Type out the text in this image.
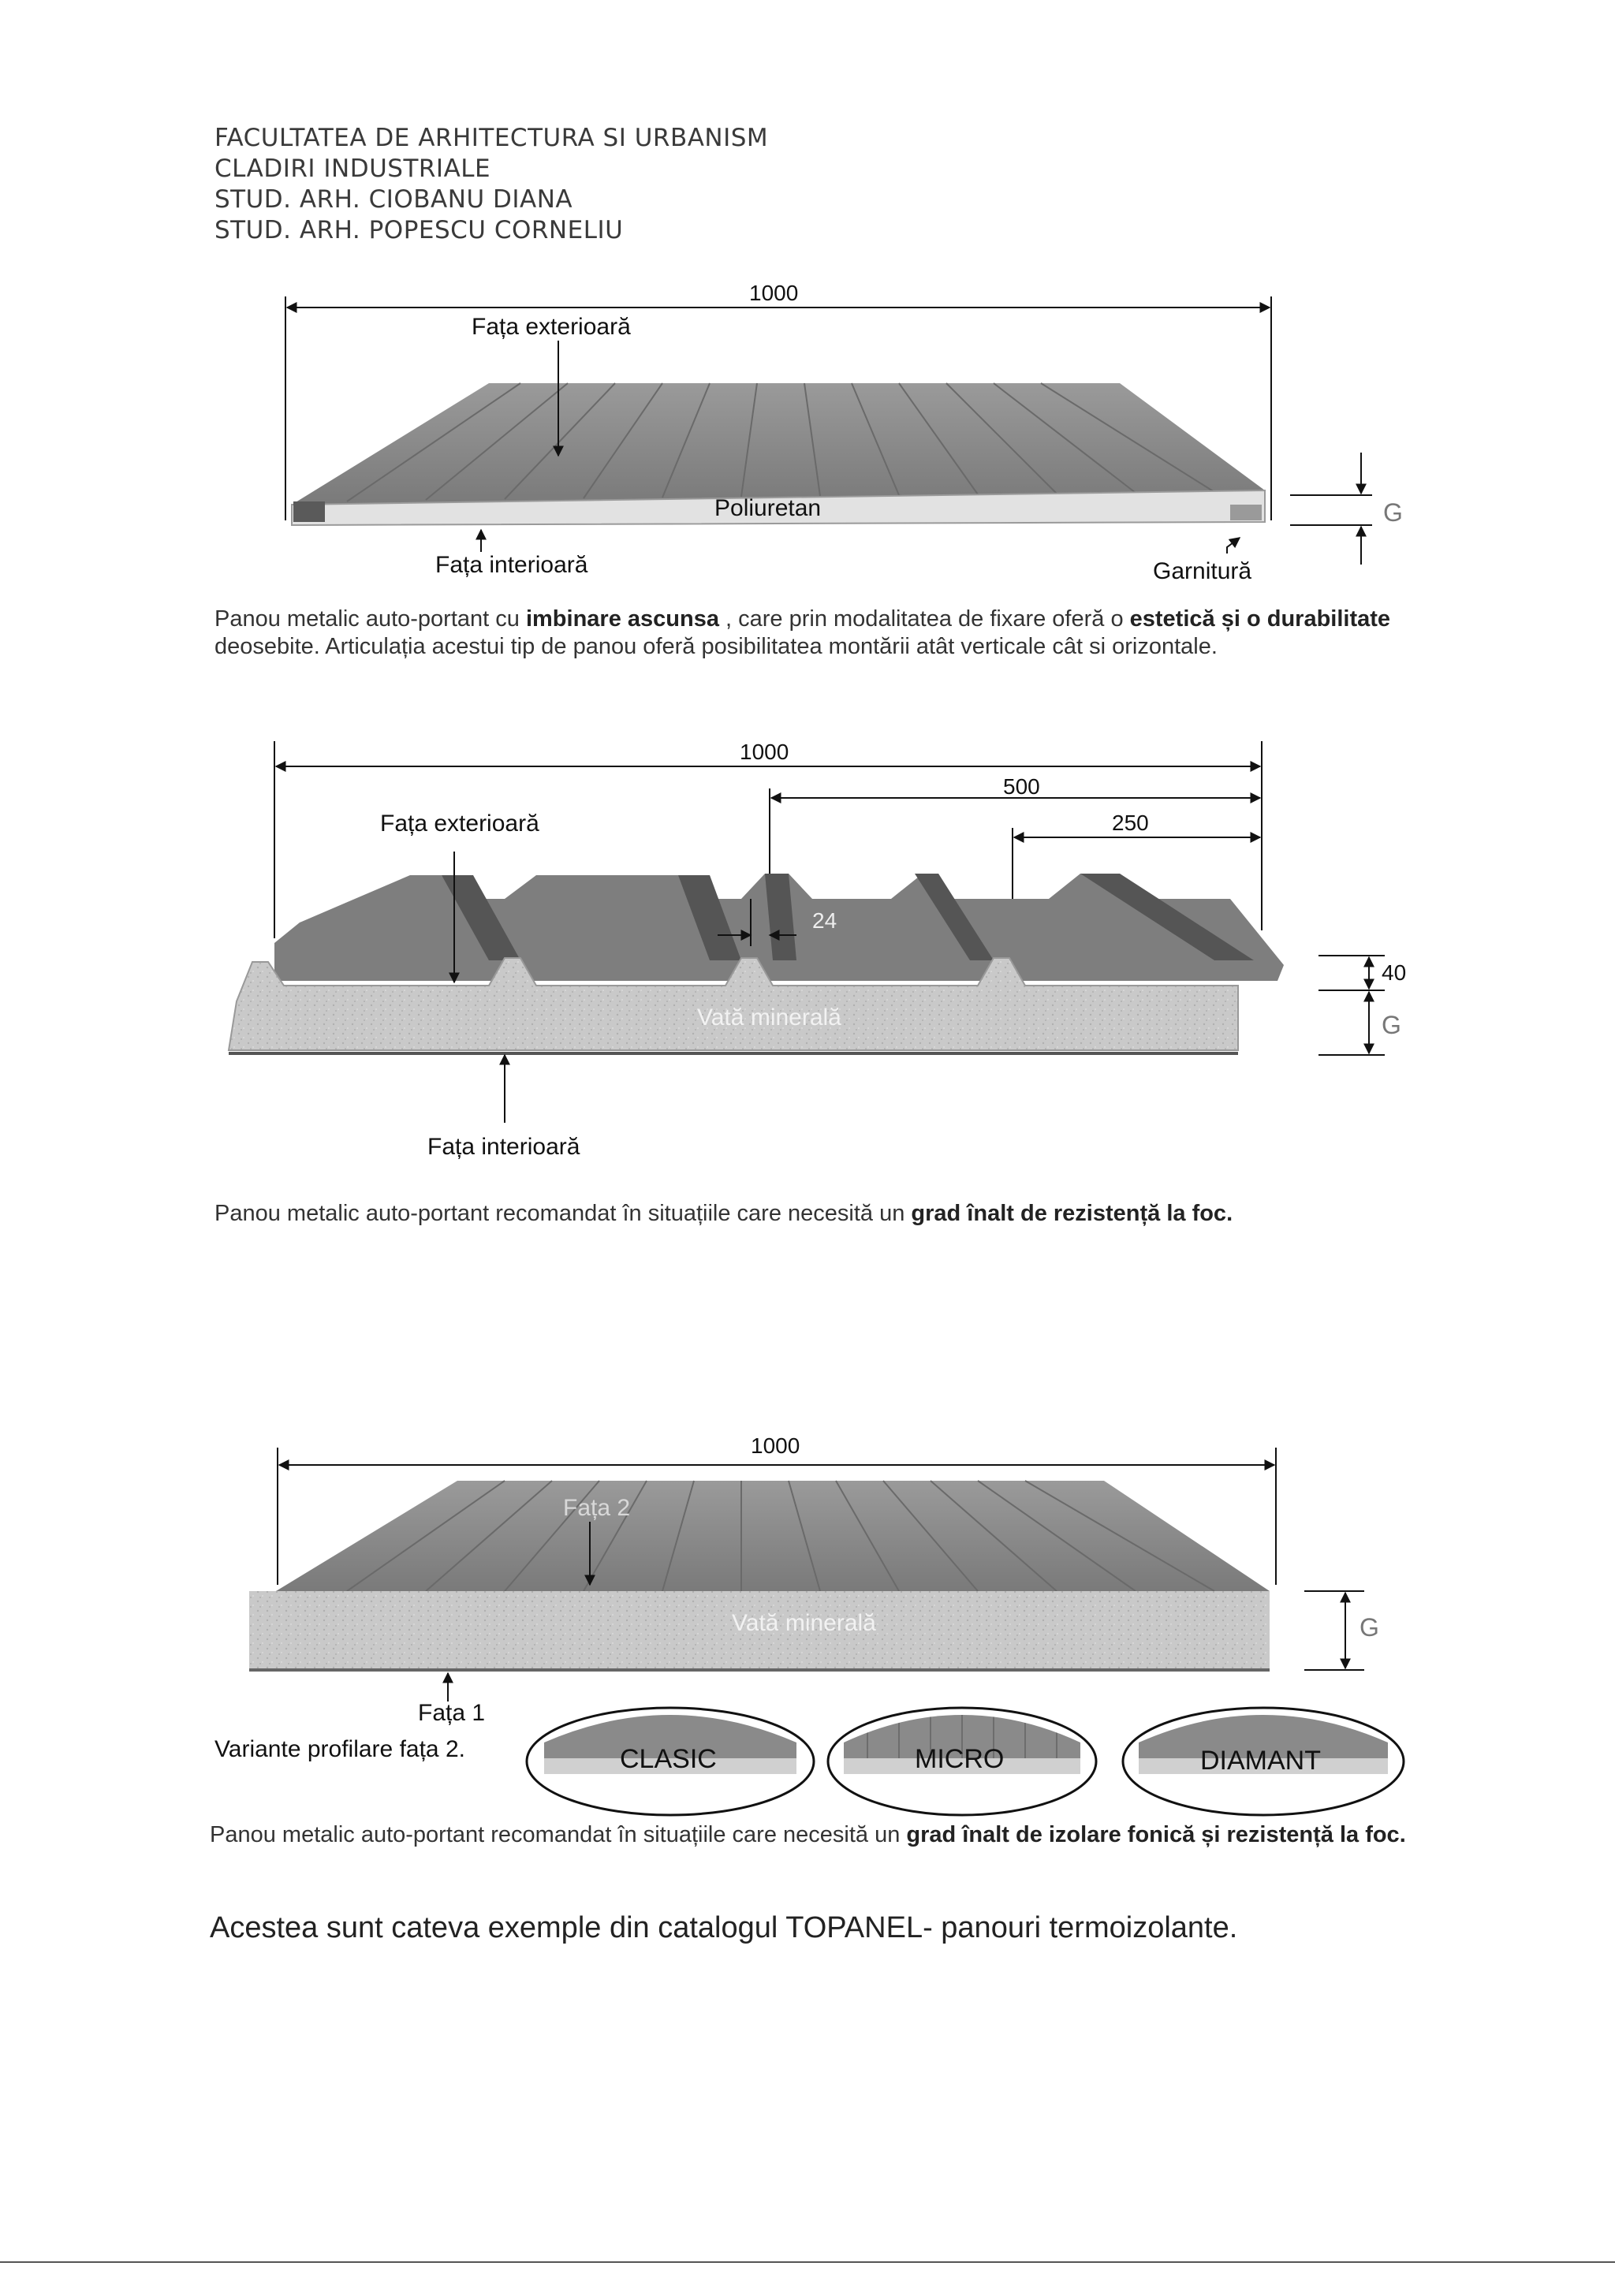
FACULTATEA DE ARHITECTURA SI URBANISM
CLADIRI INDUSTRIALE
STUD. ARH. CIOBANU DIANA
STUD. ARH. POPESCU CORNELIU
1000
Fața exterioară
Poliuretan
Fața interioară	Garnitură
G
Panou metalic auto-portant cu imbinare ascunsa , care prin modalitatea de fixare oferă o estetică și o durabilitate deosebite. Articulația acestui tip de panou oferă posibilitatea montării atât verticale cât si orizontale.
1000
500
250
Fața exterioară
24
40
G
Vată minerală
Fața interioară
Panou metalic auto-portant recomandat în situațiile care necesită un grad înalt de rezistență la foc.
1000
Fața 2
Vată minerală	G
Fața 1
Variante profilare fața 2.	CLASIC	MICRO	DIAMANT
Panou metalic auto-portant recomandat în situațiile care necesită un grad înalt de izolare fonică și rezistență la foc.
Acestea sunt cateva exemple din catalogul TOPANEL- panouri termoizolante.
